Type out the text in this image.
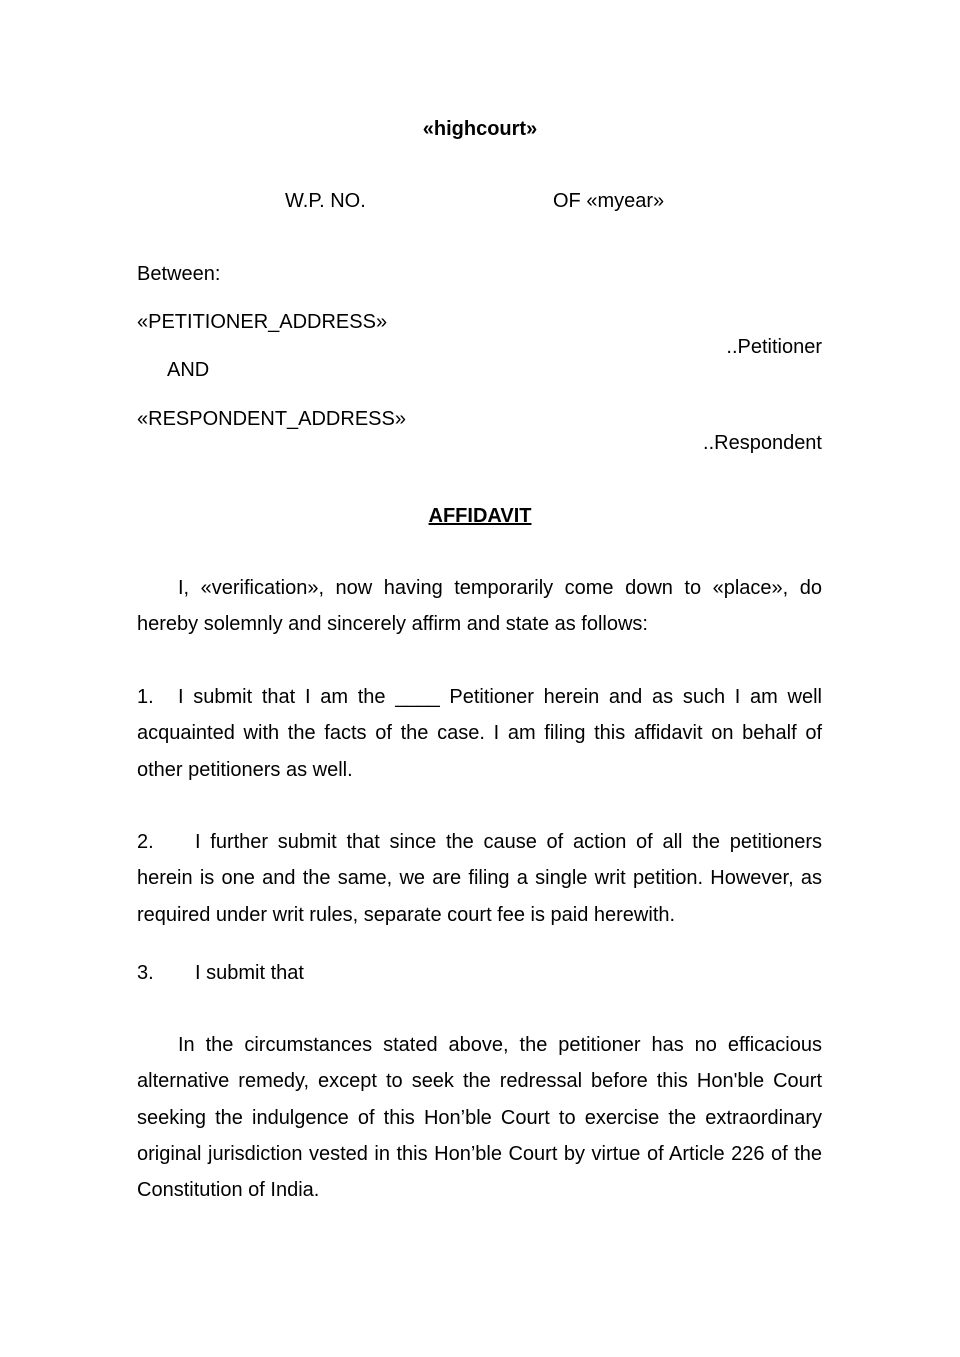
«highcourt»
W.P. NO.	OF «myear»
Between:
«PETITIONER_ADDRESS»
..Petitioner
AND
«RESPONDENT_ADDRESS»
..Respondent
AFFIDAVIT

I, «verification», now having temporarily come down to «place», do hereby solemnly and sincerely affirm and state as follows:

1. I submit that I am the ____ Petitioner herein and as such I am well acquainted with the facts of the case. I am filing this affidavit on behalf of other petitioners as well.

2. I further submit that since the cause of action of all the petitioners herein is one and the same, we are filing a single writ petition. However, as required under writ rules, separate court fee is paid herewith.

3. I submit that

In the circumstances stated above, the petitioner has no efficacious alternative remedy, except to seek the redressal before this Hon'ble Court seeking the indulgence of this Hon’ble Court to exercise the extraordinary original jurisdiction vested in this Hon’ble Court by virtue of Article 226 of the Constitution of India.
